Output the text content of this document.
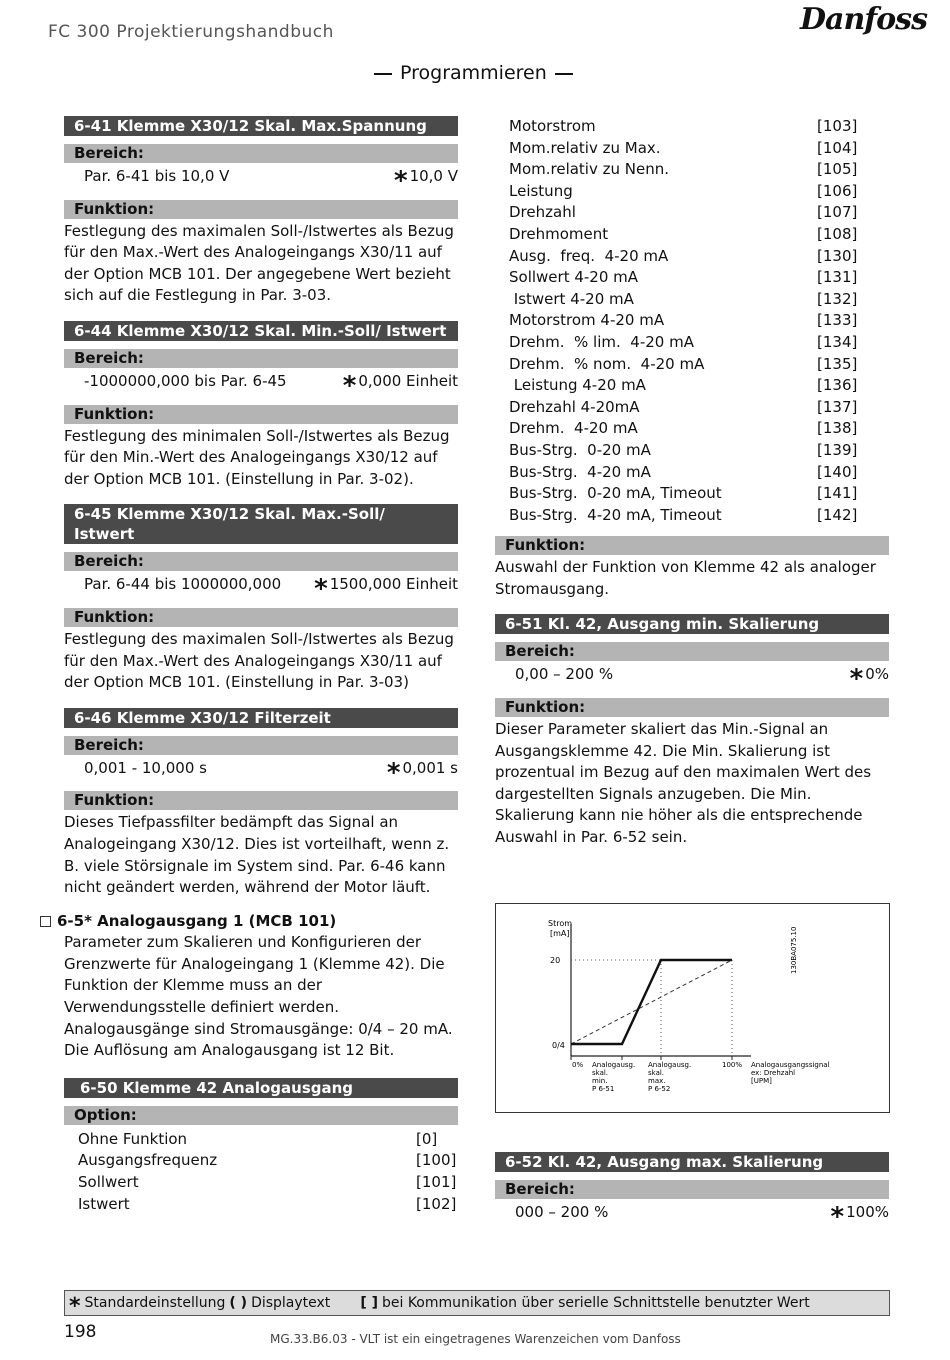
FC 300 Projektierungshandbuch	Danfoss
Programmieren
6-41 Klemme X30/12 Skal. Max.Spannung
Bereich:
Par. 6-41 bis 10,0 V	* 10,0 V
Funktion:
Festlegung des maximalen Soll-/Istwertes als Bezug für den Max.-Wert des Analogeingangs X30/11 auf der Option MCB 101. Der angegebene Wert bezieht sich auf die Festlegung in Par. 3-03.
6-44 Klemme X30/12 Skal. Min.-Soll/ Istwert
Bereich:
-1000000,000 bis Par. 6-45 * 0,000 Einheit
Funktion:
Festlegung des minimalen Soll-/Istwertes als Bezug für den Min.-Wert des Analogeingangs X30/12 auf der Option MCB 101. (Einstellung in Par. 3-02).
6-45 Klemme X30/12 Skal. Max.-Soll/ Istwert
Bereich:
Par. 6-44 bis 1000000,000 * 1500,000 Einheit
Funktion:
Festlegung des maximalen Soll-/Istwertes als Bezug für den Max.-Wert des Analogeingangs X30/11 auf der Option MCB 101. (Einstellung in Par. 3-03)
6-46 Klemme X30/12 Filterzeit
Bereich:
0,001 - 10,000 s	* 0,001 s
Funktion:
Dieses Tiefpassfilter bedämpft das Signal an Analogeingang X30/12. Dies ist vorteilhaft, wenn z. B. viele Störsignale im System sind. Par. 6-46 kann nicht geändert werden, während der Motor läuft.
6-5* Analogausgang 1 (MCB 101)
Parameter zum Skalieren und Konfigurieren der Grenzwerte für Analogeingang 1 (Klemme 42). Die Funktion der Klemme muss an der Verwendungsstelle definiert werden. Analogausgänge sind Stromausgänge: 0/4 – 20 mA. Die Auflösung am Analogausgang ist 12 Bit.
6-50 Klemme 42 Analogausgang
Option:
Ohne Funktion	[0]
Ausgangsfrequenz	[100]
Sollwert	[101]
Istwert	[102]
Motorstrom	[103]
Mom.relativ zu Max.	[104]
Mom.relativ zu Nenn.	[105]
Leistung	[106]
Drehzahl	[107]
Drehmoment	[108]
Ausg.  freq.  4-20 mA	[130]
Sollwert 4-20 mA	[131]
Istwert 4-20 mA	[132]
Motorstrom 4-20 mA	[133]
Drehm.  % lim.  4-20 mA	[134]
Drehm.  % nom.  4-20 mA	[135]
Leistung 4-20 mA	[136]
Drehzahl 4-20mA	[137]
Drehm.  4-20 mA	[138]
Bus-Strg.  0-20 mA	[139]
Bus-Strg.  4-20 mA	[140]
Bus-Strg.  0-20 mA, Timeout	[141]
Bus-Strg.  4-20 mA, Timeout	[142]
Funktion:
Auswahl der Funktion von Klemme 42 als analoger Stromausgang.
6-51 Kl. 42, Ausgang min. Skalierung
Bereich:
0,00 – 200 %	* 0%
Funktion:
Dieser Parameter skaliert das Min.-Signal an Ausgangsklemme 42. Die Min. Skalierung ist prozentual im Bezug auf den maximalen Wert des dargestellten Signals anzugeben. Die Min. Skalierung kann nie höher als die entsprechende Auswahl in Par. 6-52 sein.
Strom
[mA]
20
0/4
130BA075.10
0% Analogausg.
skal.
min.
P 6-51
Analogausg.
skal.
max.
P 6-52
100% Analogausgangssignal
ex: Drehzahl
[UPM]
6-52 Kl. 42, Ausgang max. Skalierung
Bereich:
000 – 200 %	* 100%
* Standardeinstellung ( ) Displaytext [ ] bei Kommunikation über serielle Schnittstelle benutzter Wert
198	MG.33.B6.03 - VLT ist ein eingetragenes Warenzeichen vom Danfoss
